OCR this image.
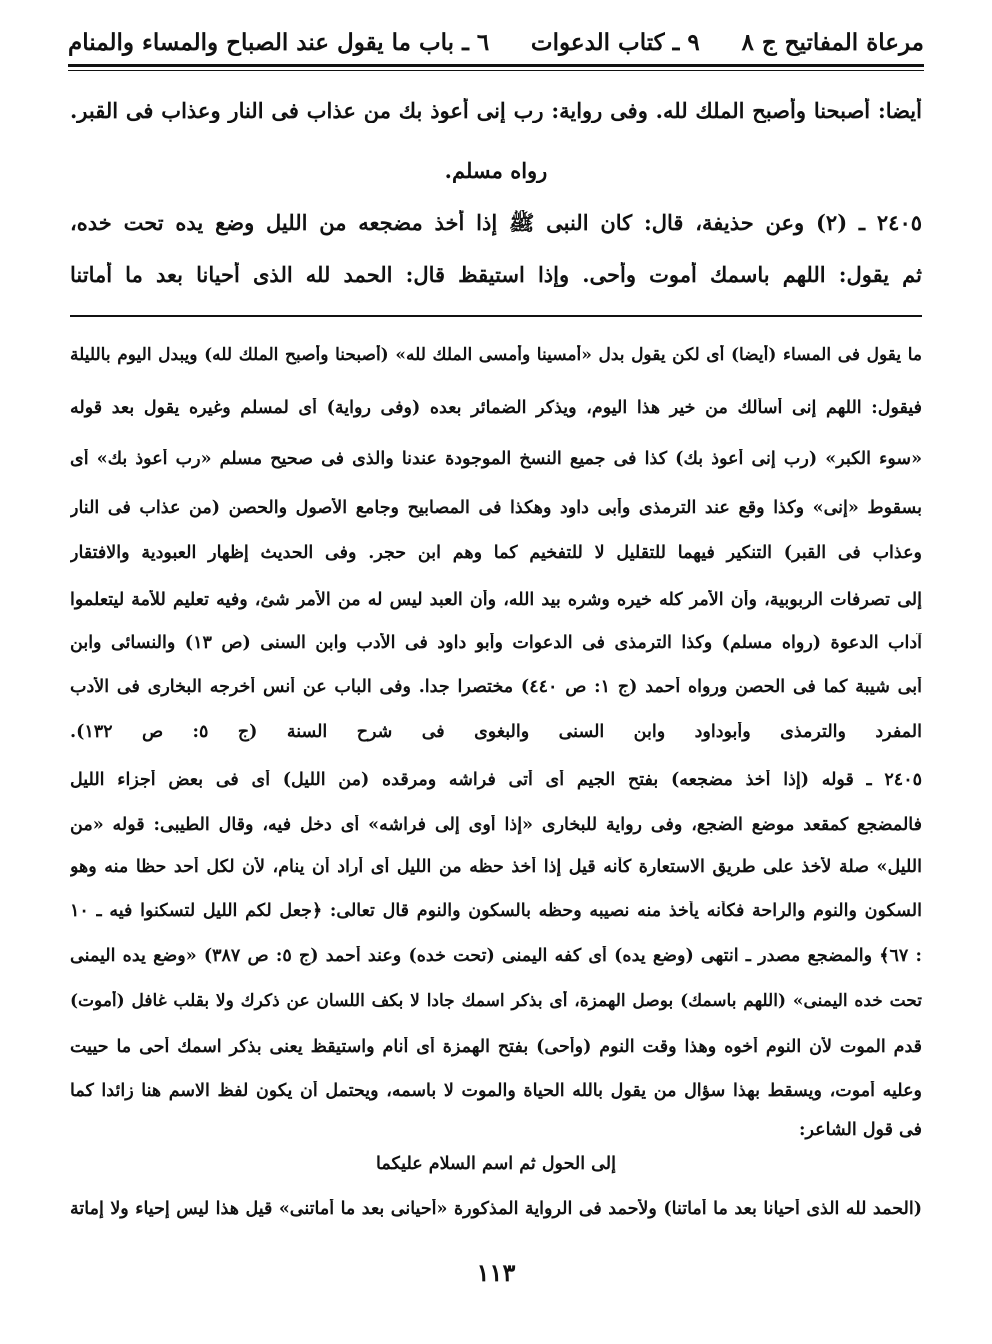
مرعاة المفاتيح ج ٨
٩ ـ كتاب الدعوات
٦ ـ باب ما يقول عند الصباح والمساء والمنام
أيضا: أصبحنا وأصبح الملك لله. وفى رواية: رب إنى أعوذ بك من عذاب فى النار وعذاب فى القبر.
رواه مسلم.
٢٤٠٥ ـ (٢) وعن حذيفة، قال: كان النبى ﷺ إذا أخذ مضجعه من الليل وضع يده تحت خده،
ثم يقول: اللهم باسمك أموت وأحى. وإذا استيقظ قال: الحمد لله الذى أحيانا بعد ما أماتنا
ما يقول فى المساء (أيضا) أى لكن يقول بدل «أمسينا وأمسى الملك لله» (أصبحنا وأصبح الملك لله) ويبدل اليوم بالليلة
فيقول: اللهم إنى أسألك من خير هذا اليوم، ويذكر الضمائر بعده (وفى رواية) أى لمسلم وغيره يقول بعد قوله
«سوء الكبر» (رب إنى أعوذ بك) كذا فى جميع النسخ الموجودة عندنا والذى فى صحيح مسلم «رب أعوذ بك» أى
بسقوط «إنى» وكذا وقع عند الترمذى وأبى داود وهكذا فى المصابيح وجامع الأصول والحصن (من عذاب فى النار
وعذاب فى القبر) التنكير فيهما للتقليل لا للتفخيم كما وهم ابن حجر. وفى الحديث إظهار العبودية والافتقار
إلى تصرفات الربوبية، وأن الأمر كله خيره وشره بيد الله، وأن العبد ليس له من الأمر شئ، وفيه تعليم للأمة ليتعلموا
آداب الدعوة (رواه مسلم) وكذا الترمذى فى الدعوات وأبو داود فى الأدب وابن السنى (ص ١٣) والنسائى وابن
أبى شيبة كما فى الحصن ورواه أحمد (ج ١: ص ٤٤٠) مختصرا جدا. وفى الباب عن أنس أخرجه البخارى فى الأدب
المفرد والترمذى وأبوداود وابن السنى والبغوى فى شرح السنة (ج ٥: ص ١٣٢).
٢٤٠٥ ـ قوله (إذا أخذ مضجعه) بفتح الجيم أى أتى فراشه ومرقده (من الليل) أى فى بعض أجزاء الليل
فالمضجع كمقعد موضع الضجع، وفى رواية للبخارى «إذا أوى إلى فراشه» أى دخل فيه، وقال الطيبى: قوله «من
الليل» صلة لأخذ على طريق الاستعارة كأنه قيل إذا أخذ حظه من الليل أى أراد أن ينام، لأن لكل أحد حظا منه وهو
السكون والنوم والراحة فكأنه يأخذ منه نصيبه وحظه بالسكون والنوم قال تعالى: ﴿جعل لكم الليل لتسكنوا فيه ـ ١٠
: ٦٧﴾ والمضجع مصدر ـ انتهى (وضع يده) أى كفه اليمنى (تحت خده) وعند أحمد (ج ٥: ص ٣٨٧) «وضع يده اليمنى
تحت خده اليمنى» (اللهم باسمك) بوصل الهمزة، أى بذكر اسمك جادا لا بكف اللسان عن ذكرك ولا بقلب غافل (أموت)
قدم الموت لأن النوم أخوه وهذا وقت النوم (وأحى) بفتح الهمزة أى أنام واستيقظ يعنى بذكر اسمك أحى ما حييت
وعليه أموت، ويسقط بهذا سؤال من يقول بالله الحياة والموت لا باسمه، ويحتمل أن يكون لفظ الاسم هنا زائدا كما
فى قول الشاعر:
إلى الحول ثم اسم السلام عليكما
(الحمد لله الذى أحيانا بعد ما أماتنا) ولأحمد فى الرواية المذكورة «أحيانى بعد ما أماتنى» قيل هذا ليس إحياء ولا إماتة
١١٣
